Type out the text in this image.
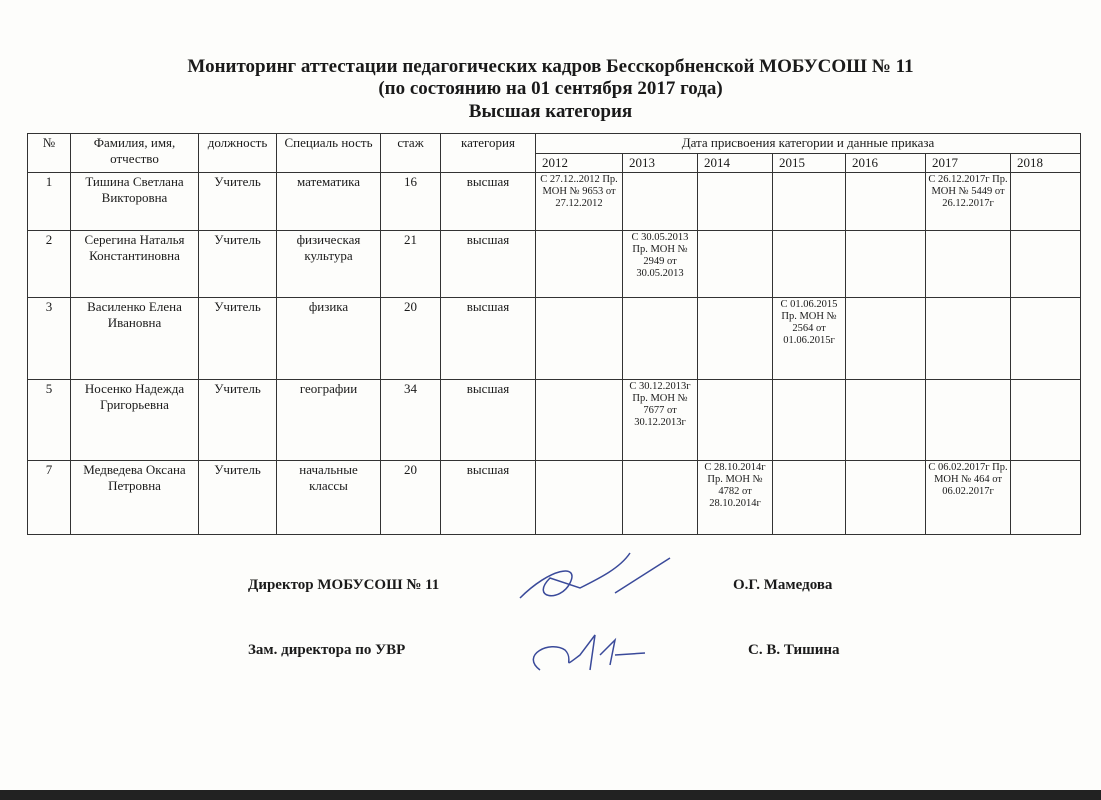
Мониторинг аттестации педагогических кадров Бесскорбненской МОБУСОШ № 11
(по состоянию на 01 сентября 2017 года)
Высшая категория
№	Фамилия, имя, отчество	должность	Специаль ность	стаж	категория	Дата присвоения категории и данные приказа						
						2012	2013	2014	2015	2016	2017	2018
1	Тишина Светлана Викторовна	Учитель	математика	16	высшая	С 27.12..2012 Пр. МОН № 9653 от 27.12.2012					С 26.12.2017г Пр. МОН № 5449 от 26.12.2017г	
2	Серегина Наталья Константиновна	Учитель	физическая культура	21	высшая		С 30.05.2013 Пр. МОН № 2949 от 30.05.2013					
3	Василенко Елена Ивановна	Учитель	физика	20	высшая				С 01.06.2015 Пр. МОН № 2564 от 01.06.2015г			
5	Носенко Надежда Григорьевна	Учитель	географии	34	высшая		С 30.12.2013г Пр. МОН № 7677 от 30.12.2013г					
7	Медведева Оксана Петровна	Учитель	начальные классы	20	высшая			С 28.10.2014г Пр. МОН № 4782 от 28.10.2014г			С 06.02.2017г Пр. МОН № 464 от 06.02.2017г	
Директор МОБУСОШ № 11	О.Г. Мамедова
Зам. директора по УВР	С. В. Тишина
